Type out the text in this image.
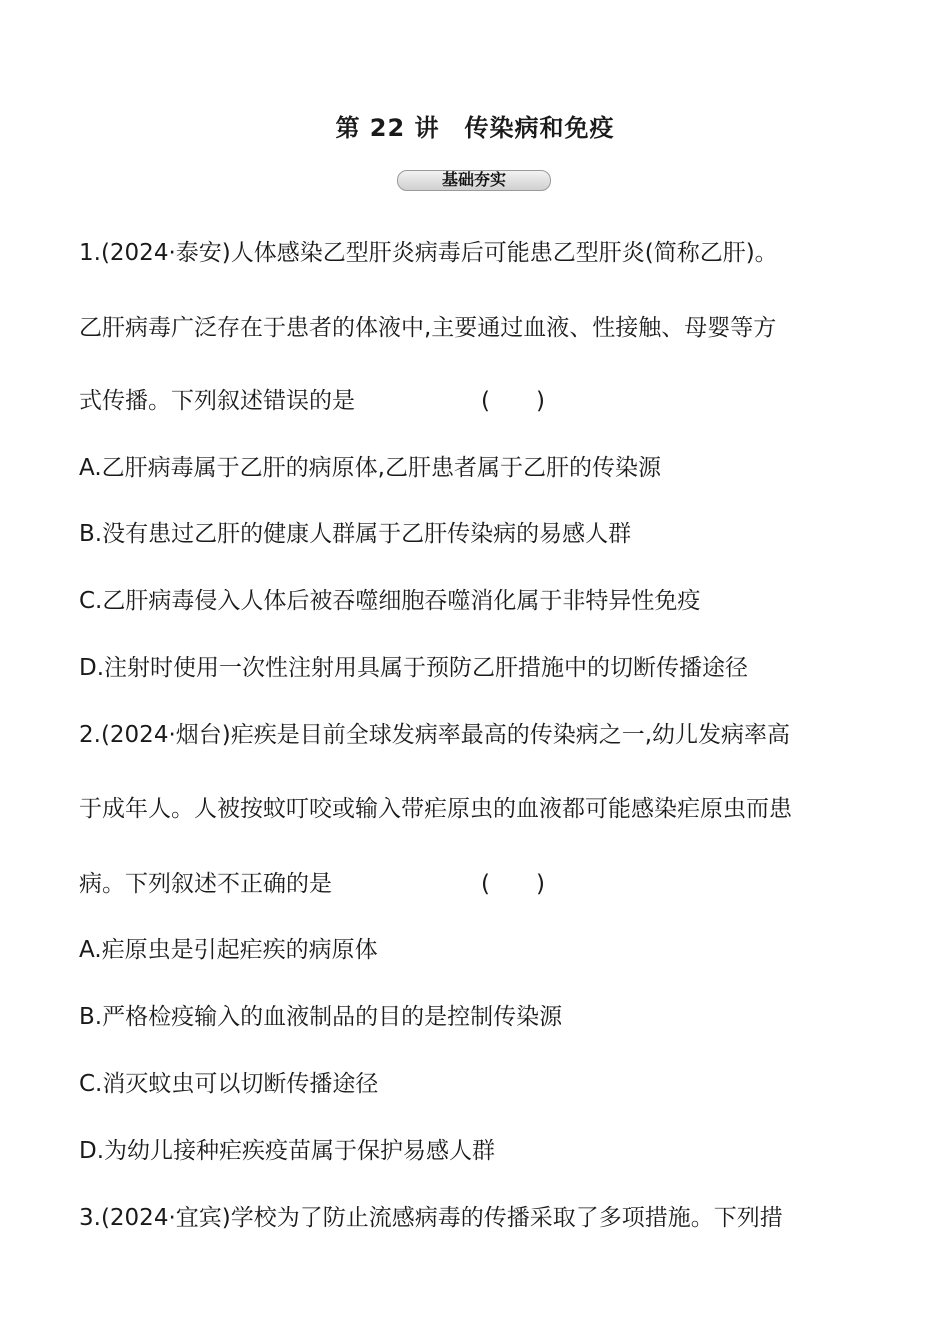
第 22 讲　传染病和免疫
基础夯实
1.(2024·泰安)人体感染乙型肝炎病毒后可能患乙型肝炎(简称乙肝)。
乙肝病毒广泛存在于患者的体液中,主要通过血液、性接触、母婴等方
式传播。下列叙述错误的是	(　　)
A.乙肝病毒属于乙肝的病原体,乙肝患者属于乙肝的传染源
B.没有患过乙肝的健康人群属于乙肝传染病的易感人群
C.乙肝病毒侵入人体后被吞噬细胞吞噬消化属于非特异性免疫
D.注射时使用一次性注射用具属于预防乙肝措施中的切断传播途径
2.(2024·烟台)疟疾是目前全球发病率最高的传染病之一,幼儿发病率高
于成年人。人被按蚊叮咬或输入带疟原虫的血液都可能感染疟原虫而患
病。下列叙述不正确的是	(　　)
A.疟原虫是引起疟疾的病原体
B.严格检疫输入的血液制品的目的是控制传染源
C.消灭蚊虫可以切断传播途径
D.为幼儿接种疟疾疫苗属于保护易感人群
3.(2024·宜宾)学校为了防止流感病毒的传播采取了多项措施。下列措
